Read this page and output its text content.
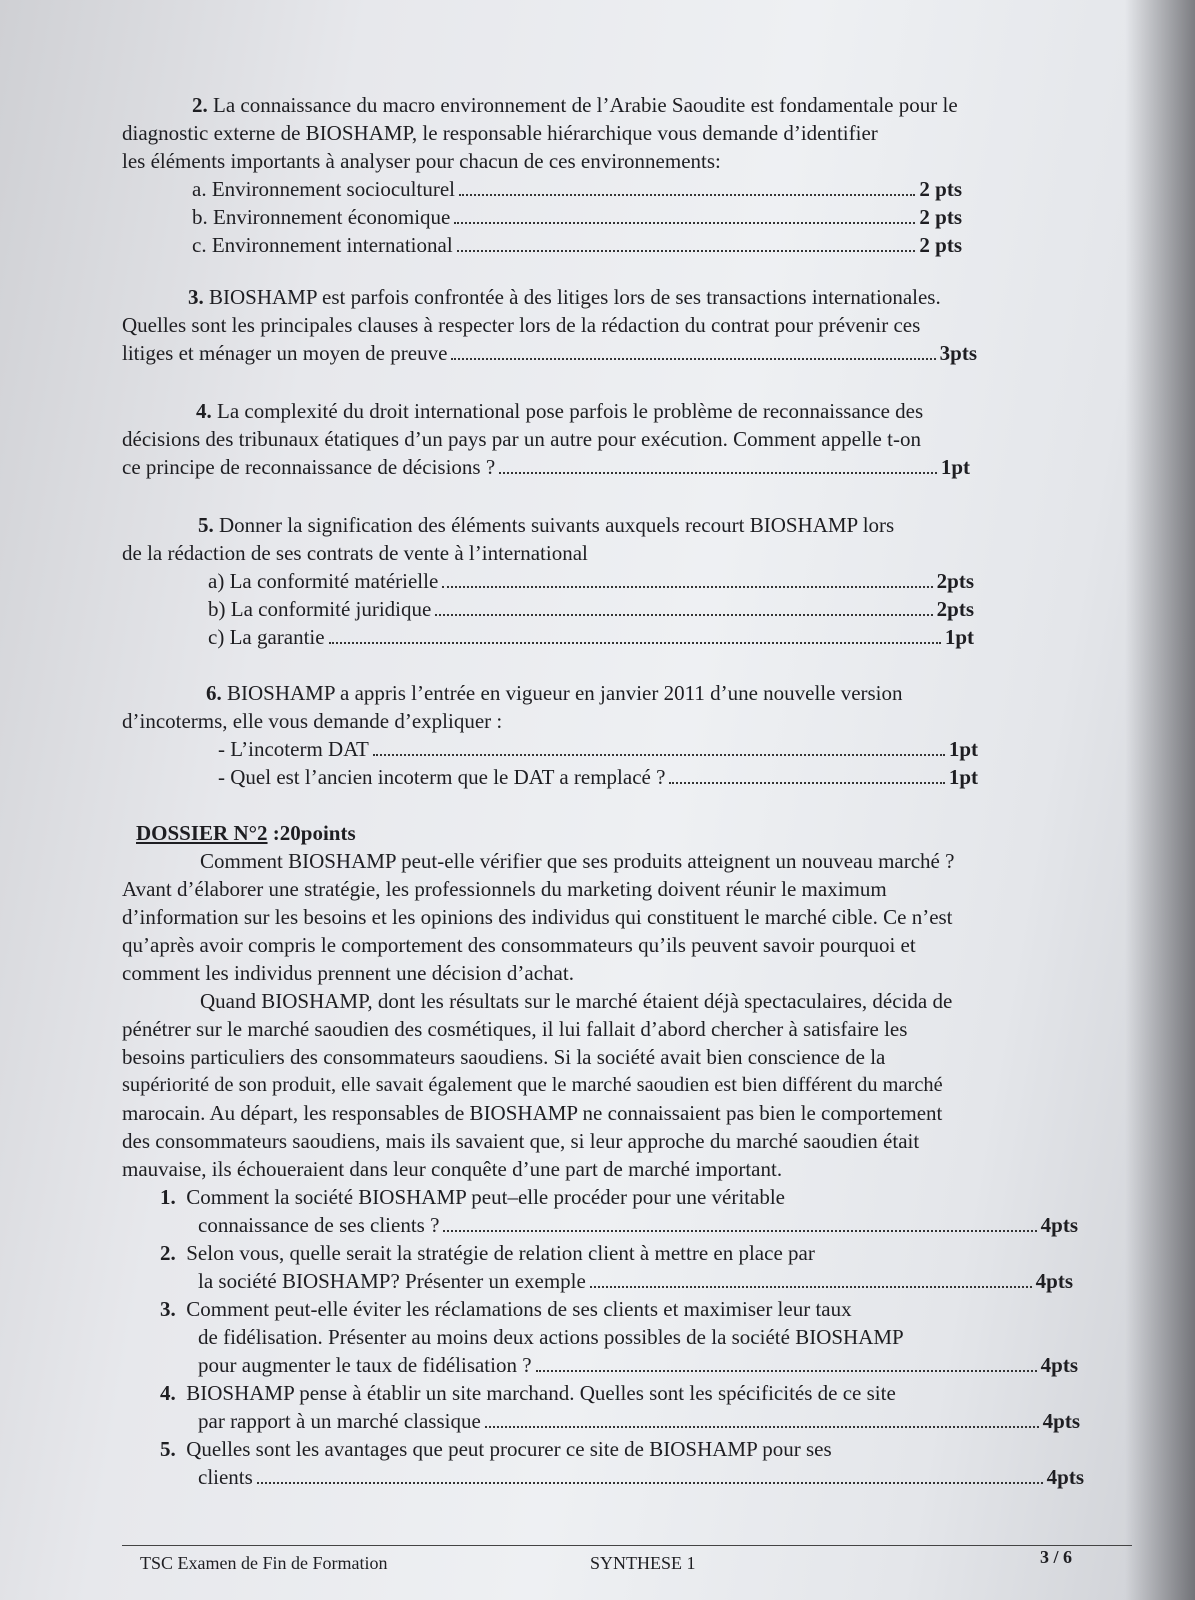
2. La connaissance du macro environnement de l’Arabie Saoudite est fondamentale pour le
diagnostic externe de BIOSHAMP, le responsable hiérarchique vous demande d’identifier
les éléments importants à analyser pour chacun de ces environnements:
a. Environnement socioculturel	2 pts
b. Environnement économique	2 pts
c. Environnement international	2 pts
3. BIOSHAMP est parfois confrontée à des litiges lors de ses transactions internationales.
Quelles sont les principales clauses à respecter lors de la rédaction du contrat pour prévenir ces
litiges et ménager un moyen de preuve	3pts
4. La complexité du droit international pose parfois le problème de reconnaissance des
décisions des tribunaux étatiques d’un pays par un autre pour exécution. Comment appelle t-on
ce principe de reconnaissance de décisions ?	1pt
5. Donner la signification des éléments suivants auxquels recourt BIOSHAMP lors
de la rédaction de ses contrats de vente à l’international
a) La conformité matérielle	2pts
b) La conformité juridique	2pts
c) La garantie	1pt
6. BIOSHAMP a appris l’entrée en vigueur en janvier 2011 d’une nouvelle version
d’incoterms, elle vous demande d’expliquer :
- L’incoterm DAT	1pt
- Quel est l’ancien incoterm que le DAT a remplacé ?	1pt
DOSSIER N°2 :20points
Comment BIOSHAMP peut-elle vérifier que ses produits atteignent un nouveau marché ?
Avant d’élaborer une stratégie, les professionnels du marketing doivent réunir le maximum
d’information sur les besoins et les opinions des individus qui constituent le marché cible. Ce n’est
qu’après avoir compris le comportement des consommateurs qu’ils peuvent savoir pourquoi et
comment les individus prennent une décision d’achat.
Quand BIOSHAMP, dont les résultats sur le marché étaient déjà spectaculaires, décida de
pénétrer sur le marché saoudien des cosmétiques, il lui fallait d’abord chercher à satisfaire les
besoins particuliers des consommateurs saoudiens. Si la société avait bien conscience de la
supériorité de son produit, elle savait également que le marché saoudien est bien différent du marché
marocain. Au départ, les responsables de BIOSHAMP ne connaissaient pas bien le comportement
des consommateurs saoudiens, mais ils savaient que, si leur approche du marché saoudien était
mauvaise, ils échoueraient dans leur conquête d’une part de marché important.
1. Comment la société BIOSHAMP peut–elle procéder pour une véritable
connaissance de ses clients ?	4pts
2. Selon vous, quelle serait la stratégie de relation client à mettre en place par
la société BIOSHAMP? Présenter un exemple	4pts
3. Comment peut-elle éviter les réclamations de ses clients et maximiser leur taux
de fidélisation. Présenter au moins deux actions possibles de la société BIOSHAMP
pour augmenter le taux de fidélisation ?	4pts
4. BIOSHAMP pense à établir un site marchand. Quelles sont les spécificités de ce site
par rapport à un marché classique	4pts
5. Quelles sont les avantages que peut procurer ce site de BIOSHAMP pour ses
clients	4pts
TSC Examen de Fin de Formation	SYNTHESE 1	3 / 6
